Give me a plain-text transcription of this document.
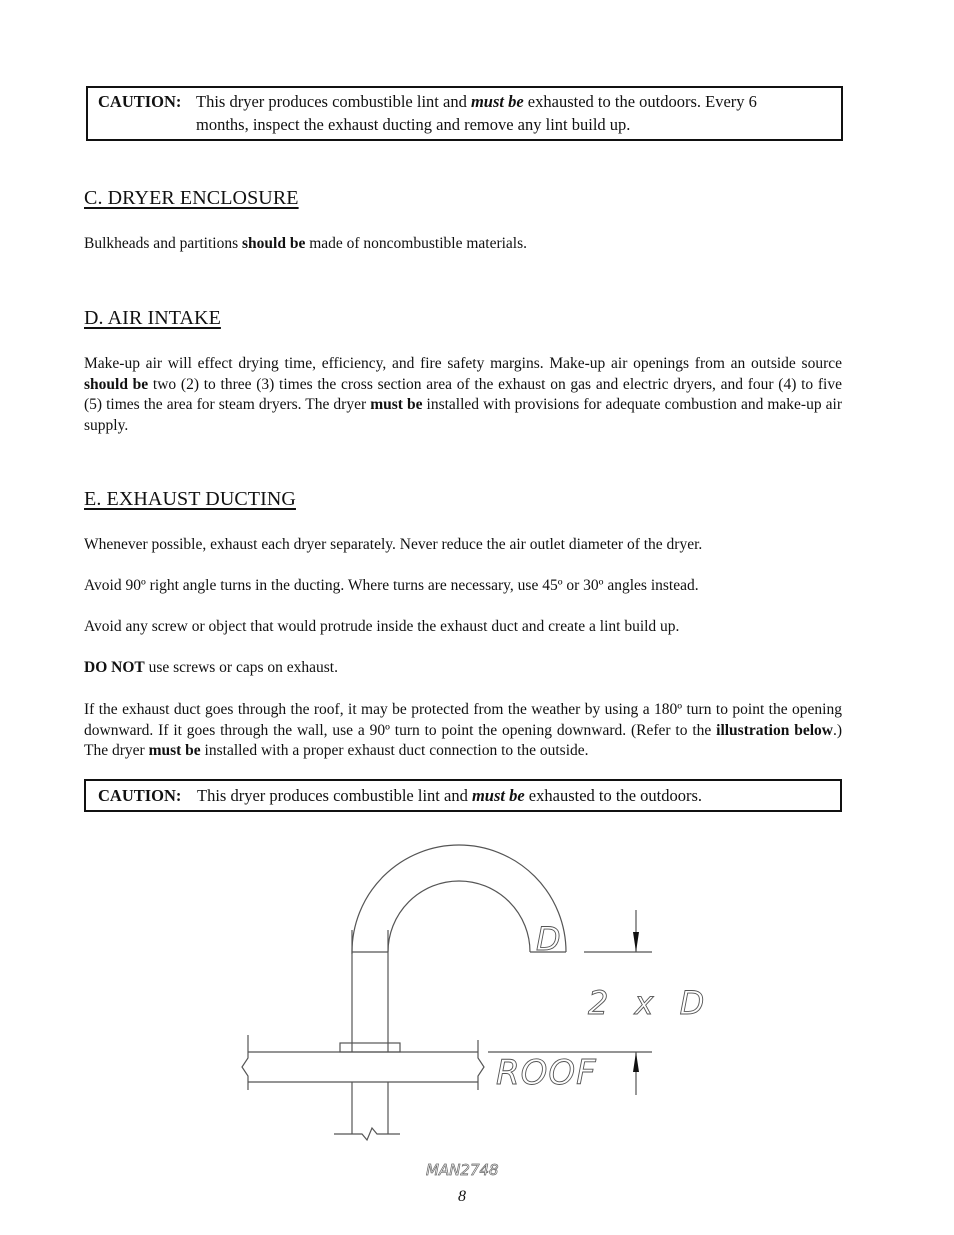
CAUTION: This dryer produces combustible lint and must be exhausted to the outdoors. Every 6
months, inspect the exhaust ducting and remove any lint build up.
C. DRYER ENCLOSURE
Bulkheads and partitions should be made of noncombustible materials.
D. AIR INTAKE
Make-up air will effect drying time, efficiency, and fire safety margins. Make-up air openings from an outside source should be two (2) to three (3) times the cross section area of the exhaust on gas and electric dryers, and four (4) to five (5) times the area for steam dryers. The dryer must be installed with provisions for adequate combustion and make-up air supply.
E. EXHAUST DUCTING
Whenever possible, exhaust each dryer separately. Never reduce the air outlet diameter of the dryer.
Avoid 90º right angle turns in the ducting. Where turns are necessary, use 45º or 30º angles instead.
Avoid any screw or object that would protrude inside the exhaust duct and create a lint build up.
DO NOT use screws or caps on exhaust.
If the exhaust duct goes through the roof, it may be protected from the weather by using a 180º turn to point the opening downward. If it goes through the wall, use a 90º turn to point the opening downward. (Refer to the illustration below.) The dryer must be installed with a proper exhaust duct connection to the outside.
CAUTION: This dryer produces combustible lint and must be exhausted to the outdoors.
D
2 x D
ROOF
MAN2748
8
